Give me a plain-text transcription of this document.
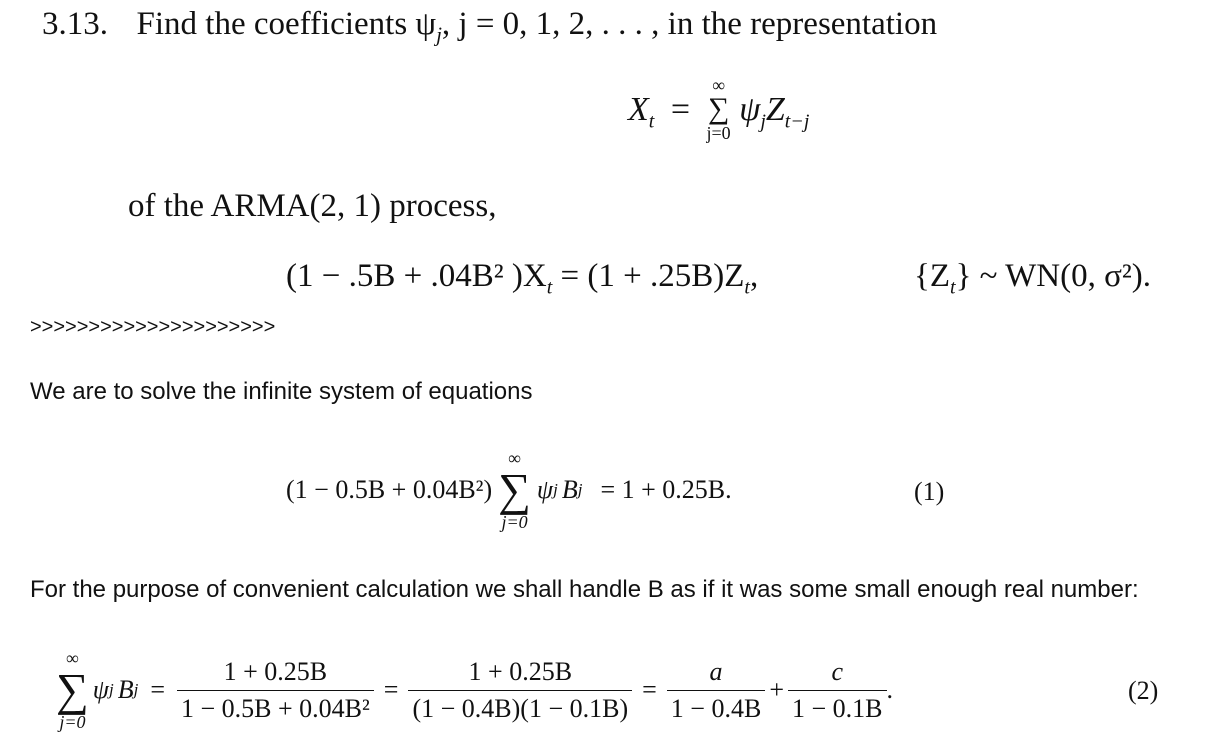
3.13. Find the coefficients $\psi_j$, j = 0, 1, 2, . . . , in the representation
$X_t$ =
∞
∑
j=0
$\psi_jZ_{t-j}$
of the ARMA(2, 1) process,
(1 − .5B + .04B² )$X_t = (1 + .25B)Z_t$,	$\{Z_t\}$ ~ WN(0, σ²).
>>>>>>>>>>>>>>>>>>>>>
We are to solve the infinite system of equations
(1 − 0.5B + 0.04B²)
∞
∑
j=0
ψ j B j = 1 + 0.25B.	(1)
For the purpose of convenient calculation we shall handle B as if it was some small enough real number:
∞
∑
j=0
ψ j B $j = \frac{1 + 0.25B}{\text{1 − 0.5B + 0.04B²}} = \frac{1 + 0.25B}{(1 - 0.4B)(1 - 0.1B)} = \frac{a}{1 - 0.4B} + \frac{c}{1 - 0.1B}$ .	(2)
